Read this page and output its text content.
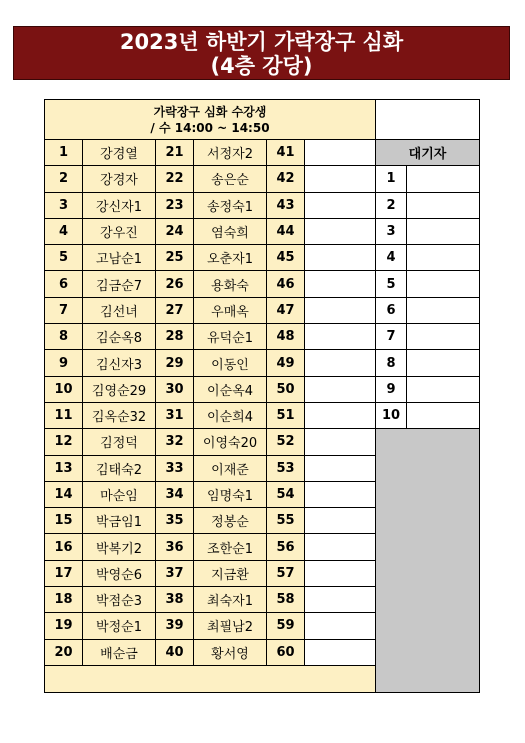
2023년 하반기 가락장구 심화
(4층 강당)
가락장구 심화 수강생
/ 수 14:00 ~ 14:50							

1	강경열	21	서정자2	41		대기자	
2	강경자	22	송은순	42		1	
3	강신자1	23	송정숙1	43		2	
4	강우진	24	염숙희	44		3	
5	고남순1	25	오춘자1	45		4	
6	김금순7	26	용화숙	46		5	
7	김선녀	27	우매옥	47		6	
8	김순옥8	28	유덕순1	48		7	
9	김신자3	29	이동인	49		8	
10	김영순29	30	이순옥4	50		9	
11	김옥순32	31	이순희4	51		10	
12	김정덕	32	이영숙20	52			
13	김태숙2	33	이재준	53			
14	마순임	34	임명숙1	54			
15	박금임1	35	정봉순	55			
16	박복기2	36	조한순1	56			
17	박영순6	37	지금환	57			
18	박점순3	38	최숙자1	58			
19	박정순1	39	최필남2	59			
20	배순금	40	황서영	60			
